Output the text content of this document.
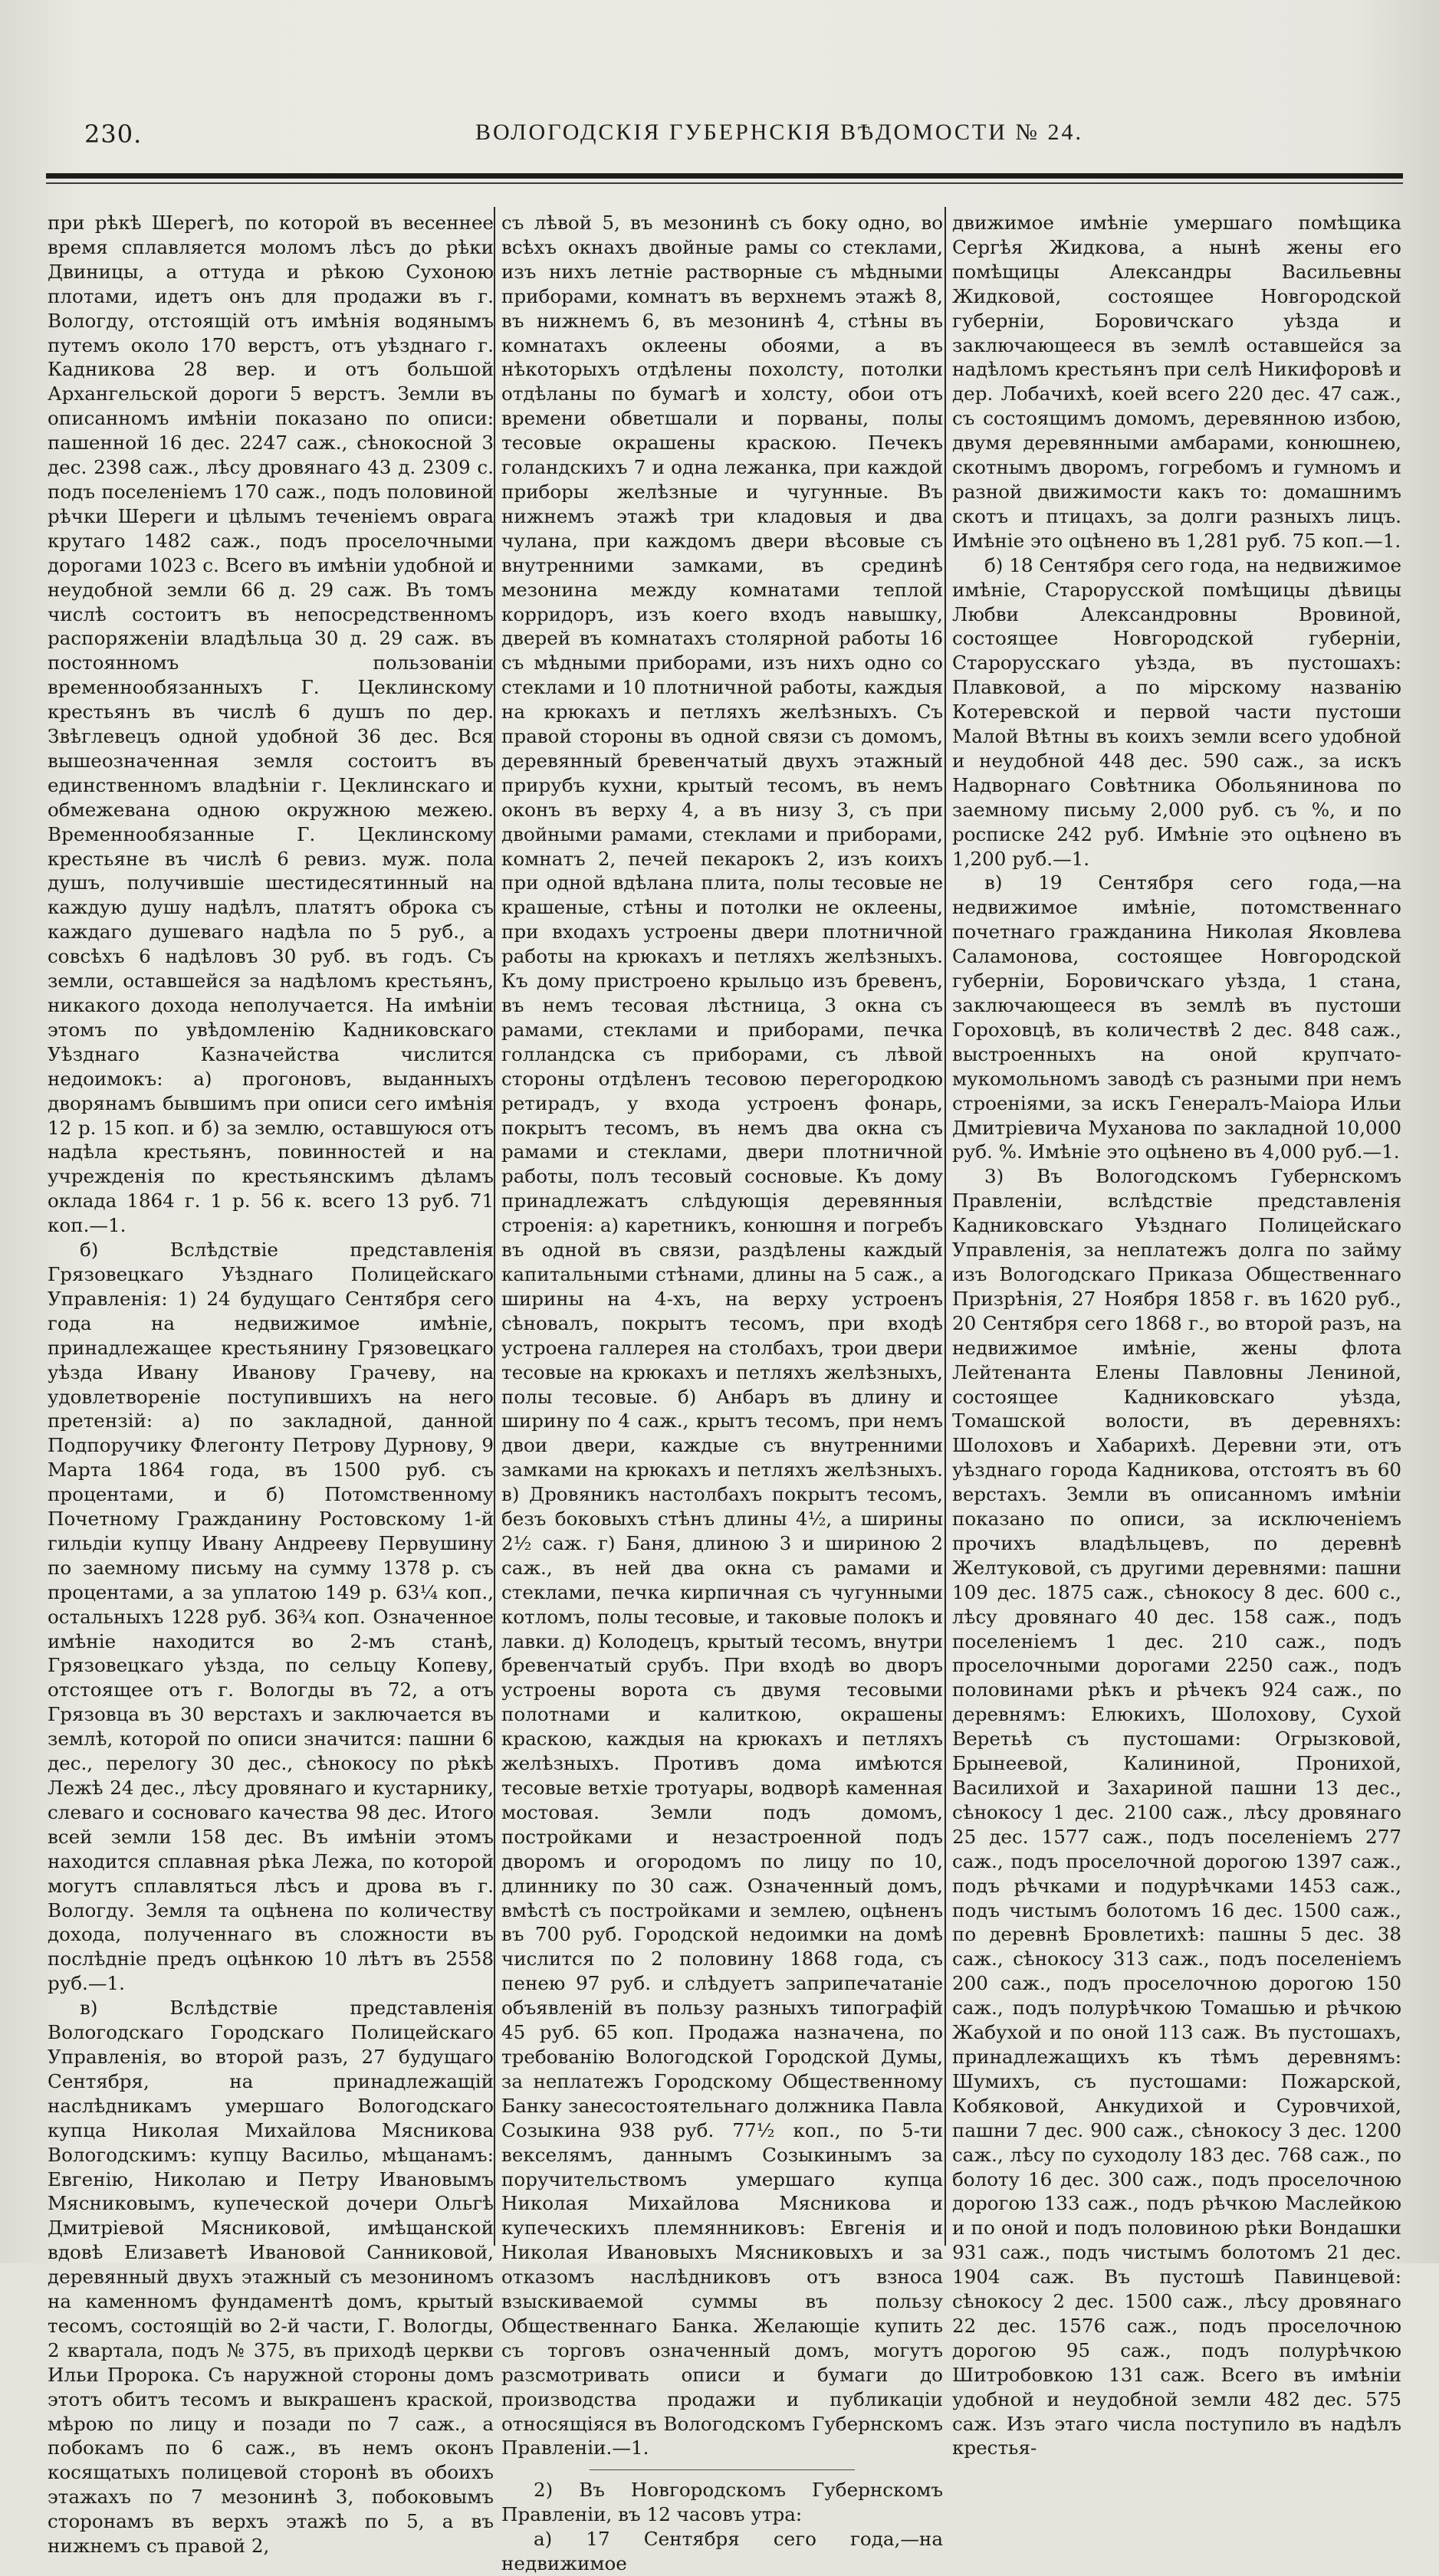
230.	ВОЛОГОДСКІЯ ГУБЕРНСКІЯ ВѢДОМОСТИ № 24.

при рѣкѣ Шерегѣ, по которой въ весеннее время сплавляется моломъ лѣсъ до рѣки Двиницы, а оттуда и рѣкою Сухоною плотами, идетъ онъ для продажи въ г. Вологду, отстоящій отъ имѣнія водянымъ путемъ около 170 верстъ, отъ уѣзднаго г. Кадникова 28 вер. и отъ большой Архангельской дороги 5 верстъ. Земли въ описанномъ имѣніи показано по описи: пашенной 16 дес. 2247 саж., сѣнокосной 3 дес. 2398 саж., лѣсу дровянаго 43 д. 2309 с. подъ поселеніемъ 170 саж., подъ половиной рѣчки Шереги и цѣлымъ теченіемъ оврага крутаго 1482 саж., подъ проселочными дорогами 1023 с. Всего въ имѣніи удобной и неудобной земли 66 д. 29 саж. Въ томъ числѣ состоитъ въ непосредственномъ распоряженіи владѣльца 30 д. 29 саж. въ постоянномъ пользованіи временнообязанныхъ Г. Цеклинскому крестьянъ въ числѣ 6 душъ по дер. Звѣглевецъ одной удобной 36 дес. Вся вышеозначенная земля состоитъ въ единственномъ владѣніи г. Цеклинскаго и обмежевана одною окружною межею. Временнообязанные Г. Цеклинскому крестьяне въ числѣ 6 ревиз. муж. пола душъ, получившіе шестидесятинный на каждую душу надѣлъ, платятъ оброка съ каждаго душеваго надѣла по 5 руб., а совсѣхъ 6 надѣловъ 30 руб. въ годъ. Съ земли, оставшейся за надѣломъ крестьянъ, никакого дохода неполучается. На имѣніи этомъ по увѣдомленію Кадниковскаго Уѣзднаго Казначейства числится недоимокъ: а) прогоновъ, выданныхъ дворянамъ бывшимъ при описи сего имѣнія 12 р. 15 коп. и б) за землю, оставшуюся отъ надѣла крестьянъ, повинностей и на учрежденія по крестьянскимъ дѣламъ оклада 1864 г. 1 р. 56 к. всего 13 руб. 71 коп.—1.

б) Вслѣдствіе представленія Грязовецкаго Уѣзднаго Полицейскаго Управленія: 1) 24 будущаго Сентября сего года на недвижимое имѣніе, принадлежащее крестьянину Грязовецкаго уѣзда Ивану Иванову Грачеву, на удовлетвореніе поступившихъ на него претензій: а) по закладной, данной Подпоручику Флегонту Петрову Дурнову, 9 Марта 1864 года, въ 1500 руб. съ процентами, и б) Потомственному Почетному Гражданину Ростовскому 1-й гильдіи купцу Ивану Андрееву Первушину по заемному письму на сумму 1378 р. съ процентами, а за уплатою 149 р. 63¼ коп., остальныхъ 1228 руб. 36¾ коп. Означенное имѣніе находится во 2-мъ станѣ, Грязовецкаго уѣзда, по сельцу Копеву, отстоящее отъ г. Вологды въ 72, а отъ Грязовца въ 30 верстахъ и заключается въ землѣ, которой по описи значится: пашни 6 дес., перелогу 30 дес., сѣнокосу по рѣкѣ Лежѣ 24 дес., лѣсу дровянаго и кустарнику, слеваго и сосноваго качества 98 дес. Итого всей земли 158 дес. Въ имѣніи этомъ находится сплавная рѣка Лежа, по которой могутъ сплавляться лѣсъ и дрова въ г. Вологду. Земля та оцѣнена по количеству дохода, полученнаго въ сложности въ послѣдніе предъ оцѣнкою 10 лѣтъ въ 2558 руб.—1.

в) Вслѣдствіе представленія Вологодскаго Городскаго Полицейскаго Управленія, во второй разъ, 27 будущаго Сентября, на принадлежащій наслѣдникамъ умершаго Вологодскаго купца Николая Михайлова Мясникова Вологодскимъ: купцу Васильо, мѣщанамъ: Евгенію, Николаю и Петру Ивановымъ Мясниковымъ, купеческой дочери Ольгѣ Дмитріевой Мясниковой, имѣщанской вдовѣ Елизаветѣ Ивановой Санниковой, деревянный двухъ этажный съ мезониномъ на каменномъ фундаментѣ домъ, крытый тесомъ, состоящій во 2-й части, Г. Вологды, 2 квартала, подъ № 375, въ приходѣ церкви Ильи Пророка. Съ наружной стороны домъ этотъ обитъ тесомъ и выкрашенъ краской, мѣрою по лицу и позади по 7 саж., а побокамъ по 6 саж., въ немъ оконъ косящатыхъ полицевой сторонѣ въ обоихъ этажахъ по 7 мезонинѣ 3, побоковымъ сторонамъ въ верхъ этажѣ по 5, а въ нижнемъ съ правой 2,

съ лѣвой 5, въ мезонинѣ съ боку одно, во всѣхъ окнахъ двойные рамы со стеклами, изъ нихъ летніе растворные съ мѣдными приборами, комнатъ въ верхнемъ этажѣ 8, въ нижнемъ 6, въ мезонинѣ 4, стѣны въ комнатахъ оклеены обоями, а въ нѣкоторыхъ отдѣлены похолсту, потолки отдѣланы по бумагѣ и холсту, обои отъ времени обветшали и порваны, полы тесовые окрашены краскою. Печекъ голандскихъ 7 и одна лежанка, при каждой приборы желѣзные и чугунные. Въ нижнемъ этажѣ три кладовыя и два чулана, при каждомъ двери вѣсовые съ внутренними замками, въ срединѣ мезонина между комнатами теплой корридоръ, изъ коего входъ навышку, дверей въ комнатахъ столярной работы 16 съ мѣдными приборами, изъ нихъ одно со стеклами и 10 плотничной работы, каждыя на крюкахъ и петляхъ желѣзныхъ. Съ правой стороны въ одной связи съ домомъ, деревянный бревенчатый двухъ этажный прирубъ кухни, крытый тесомъ, въ немъ оконъ въ верху 4, а въ низу 3, съ при двойными рамами, стеклами и приборами, комнатъ 2, печей пекарокъ 2, изъ коихъ при одной вдѣлана плита, полы тесовые не крашеные, стѣны и потолки не оклеены, при входахъ устроены двери плотничной работы на крюкахъ и петляхъ желѣзныхъ. Къ дому пристроено крыльцо изъ бревенъ, въ немъ тесовая лѣстница, 3 окна съ рамами, стеклами и приборами, печка голландска съ приборами, съ лѣвой стороны отдѣленъ тесовою перегородкою ретирадъ, у входа устроенъ фонарь, покрытъ тесомъ, въ немъ два окна съ рамами и стеклами, двери плотничной рабoты, полъ тесовый сосновые. Къ дому принадлежатъ слѣдующія деревянныя строенія: а) каретникъ, конюшня и погребъ въ одной въ связи, раздѣлены каждый капитальными стѣнами, длины на 5 саж., а ширины на 4-хъ, на верху устроенъ сѣновалъ, покрытъ тесомъ, при входѣ устроена галлерея на столбахъ, трои двери тесовые на крюкахъ и петляхъ желѣзныхъ, полы тесовые. б) Анбаръ въ длину и ширину по 4 саж., крытъ тесомъ, при немъ двои двери, каждые съ внутренними замками на крюкахъ и петляхъ желѣзныхъ. в) Дровяникъ настолбахъ покрытъ тесомъ, безъ боковыхъ стѣнъ длины 4½, а ширины 2½ саж. г) Баня, длиною 3 и шириною 2 саж., въ ней два окна съ рамами и стеклами, печка кирпичная съ чугунными котломъ, полы тесовые, и таковые полокъ и лавки. д) Колодецъ, крытый тесомъ, внутри бревенчатый срубъ. При входѣ во дворъ устроены ворота съ двумя тесовыми полотнами и калиткою, окрашены краскою, каждыя на крюкахъ и петляхъ желѣзныхъ. Противъ дома имѣются тесовые ветхіе тротуары, водворѣ каменная мостовая. Земли подъ домомъ, постройками и незастроенной подъ дворомъ и огородомъ по лицу по 10, длиннику по 30 саж. Означенный домъ, вмѣстѣ съ постройками и землею, оцѣненъ въ 700 руб. Городской недоимки на домѣ числится по 2 половину 1868 года, съ пенею 97 руб. и слѣдуетъ заприпечатаніе объявленій въ пользу разныхъ типографій 45 руб. 65 коп. Продажа назначена, по требованію Вологодской Городской Думы, за неплатежъ Городскому Общественному Банку занесостоятельнаго должника Павла Созыкина 938 руб. 77½ коп., по 5-ти векселямъ, даннымъ Созыкинымъ за поручительствомъ умершаго купца Николая Михайлова Мясникова и купеческихъ племянниковъ: Евгенія и Николая Ивановыхъ Мясниковыхъ и за отказомъ наслѣдниковъ отъ взноса взыскиваемой суммы въ пользу Общественнаго Банка. Желающіе купить съ торговъ означенный домъ, могутъ разсмотривать описи и бумаги до производства продажи и публикаціи относящіяся въ Вологодскомъ Губернскомъ Правленіи.—1.

2) Въ Новгородскомъ Губернскомъ Правленіи, въ 12 часовъ утра:

а) 17 Сентября сего года,—на недвижимое

движимое имѣніе умершаго помѣщика Сергѣя Жидкова, а нынѣ жены его помѣщицы Александры Васильевны Жидковой, состоящее Новгородской губерніи, Боровичскаго уѣзда и заключающееся въ землѣ оставшейся за надѣломъ крестьянъ при селѣ Никифоровѣ и дер. Лобачихѣ, коей всего 220 дес. 47 саж., съ состоящимъ домомъ, деревянною избою, двумя деревянными амбарами, конюшнею, скотнымъ дворомъ, гогребомъ и гумномъ и разной движимости какъ то: домашнимъ скотъ и птицахъ, за долги разныхъ лицъ. Имѣніе это оцѣнено въ 1,281 руб. 75 коп.—1.

б) 18 Сентября сего года, на недвижимое имѣніе, Старорусской помѣщицы дѣвицы Любви Александровны Вровиной, состоящее Новгородской губерніи, Старорусскаго уѣзда, въ пустошахъ: Плавковой, а по мірскому названію Котеревской и первой части пустоши Малой Вѣтны въ коихъ земли всего удобной и неудобной 448 дес. 590 саж., за искъ Надворнаго Совѣтника Обольянинова по заемному письму 2,000 руб. съ %, и по росписке 242 руб. Имѣніе это оцѣнено въ 1,200 руб.—1.

в) 19 Сентября сего года,—на недвижимое имѣніе, потомственнаго почетнаго гражданина Николая Яковлева Саламонова, состоящее Новгородской губерніи, Боровичскаго уѣзда, 1 стана, заключающееся въ землѣ въ пустоши Гороховцѣ, въ количествѣ 2 дес. 848 саж., выстроенныхъ на оной крупчато-мукомольномъ заводѣ съ разными при немъ строеніями, за искъ Генералъ-Маіора Ильи Дмитріевича Муханова по закладной 10,000 руб. %. Имѣніе это оцѣнено въ 4,000 руб.—1.

3) Въ Вологодскомъ Губернскомъ Правленіи, вслѣдствіе представленія Кадниковскаго Уѣзднаго Полицейскаго Управленія, за неплатежъ долга по займу изъ Вологодскаго Приказа Общественнаго Призрѣнія, 27 Ноября 1858 г. въ 1620 руб., 20 Сентября сего 1868 г., во второй разъ, на недвижимое имѣніе, жены флота Лейтенанта Елены Павловны Лениной, состоящее Кадниковскаго уѣзда, Томашской волости, въ деревняхъ: Шолоховъ и Хабарихѣ. Деревни эти, отъ уѣзднаго города Кадникова, отстоятъ въ 60 верстахъ. Земли въ описанномъ имѣніи показано по описи, за исключеніемъ прочихъ владѣльцевъ, по деревнѣ Желтуковой, съ другими деревнями: пашни 109 дес. 1875 саж., сѣнокосу 8 дес. 600 с., лѣсу дровянаго 40 дес. 158 саж., подъ поселеніемъ 1 дес. 210 саж., подъ проселочными дорогами 2250 саж., подъ половинами рѣкъ и рѣчекъ 924 саж., по деревнямъ: Елюкихъ, Шолохову, Сухой Веретьѣ съ пустошами: Огрызковой, Брынеевой, Калининой, Пронихой, Василихой и Захариной пашни 13 дес., сѣнокосу 1 дес. 2100 саж., лѣсу дровянаго 25 дес. 1577 саж., подъ поселеніемъ 277 саж., подъ проселочной дорогою 1397 саж., подъ рѣчками и подурѣчками 1453 саж., подъ чистымъ болотомъ 16 дес. 1500 саж., по деревнѣ Бровлетихѣ: пашны 5 дес. 38 саж., сѣнокосу 313 саж., подъ поселеніемъ 200 саж., подъ проселочною дорогою 150 саж., подъ полурѣчкою Томашью и рѣчкою Жабухой и по оной 113 саж. Въ пустошахъ, принадлежащихъ къ тѣмъ деревнямъ: Шумихъ, съ пустошами: Пожарской, Кобяковой, Анкудихой и Суровчихой, пашни 7 дес. 900 саж., сѣнокосу 3 дес. 1200 саж., лѣсу по суходолу 183 дес. 768 саж., по болоту 16 дес. 300 саж., подъ проселочною дорогою 133 саж., подъ рѣчкою Маслейкою и по оной и подъ половиною рѣки Вондашки 931 саж., подъ чистымъ болотомъ 21 дес. 1904 саж. Въ пустошѣ Павинцевой: сѣнокосу 2 дес. 1500 саж., лѣсу дровянаго 22 дес. 1576 саж., подъ проселочною дорогою 95 саж., подъ полурѣчкою Шитробовкою 131 саж. Всего въ имѣніи удобной и неудобной земли 482 дес. 575 саж. Изъ этаго числа поступило въ надѣлъ крестья-
